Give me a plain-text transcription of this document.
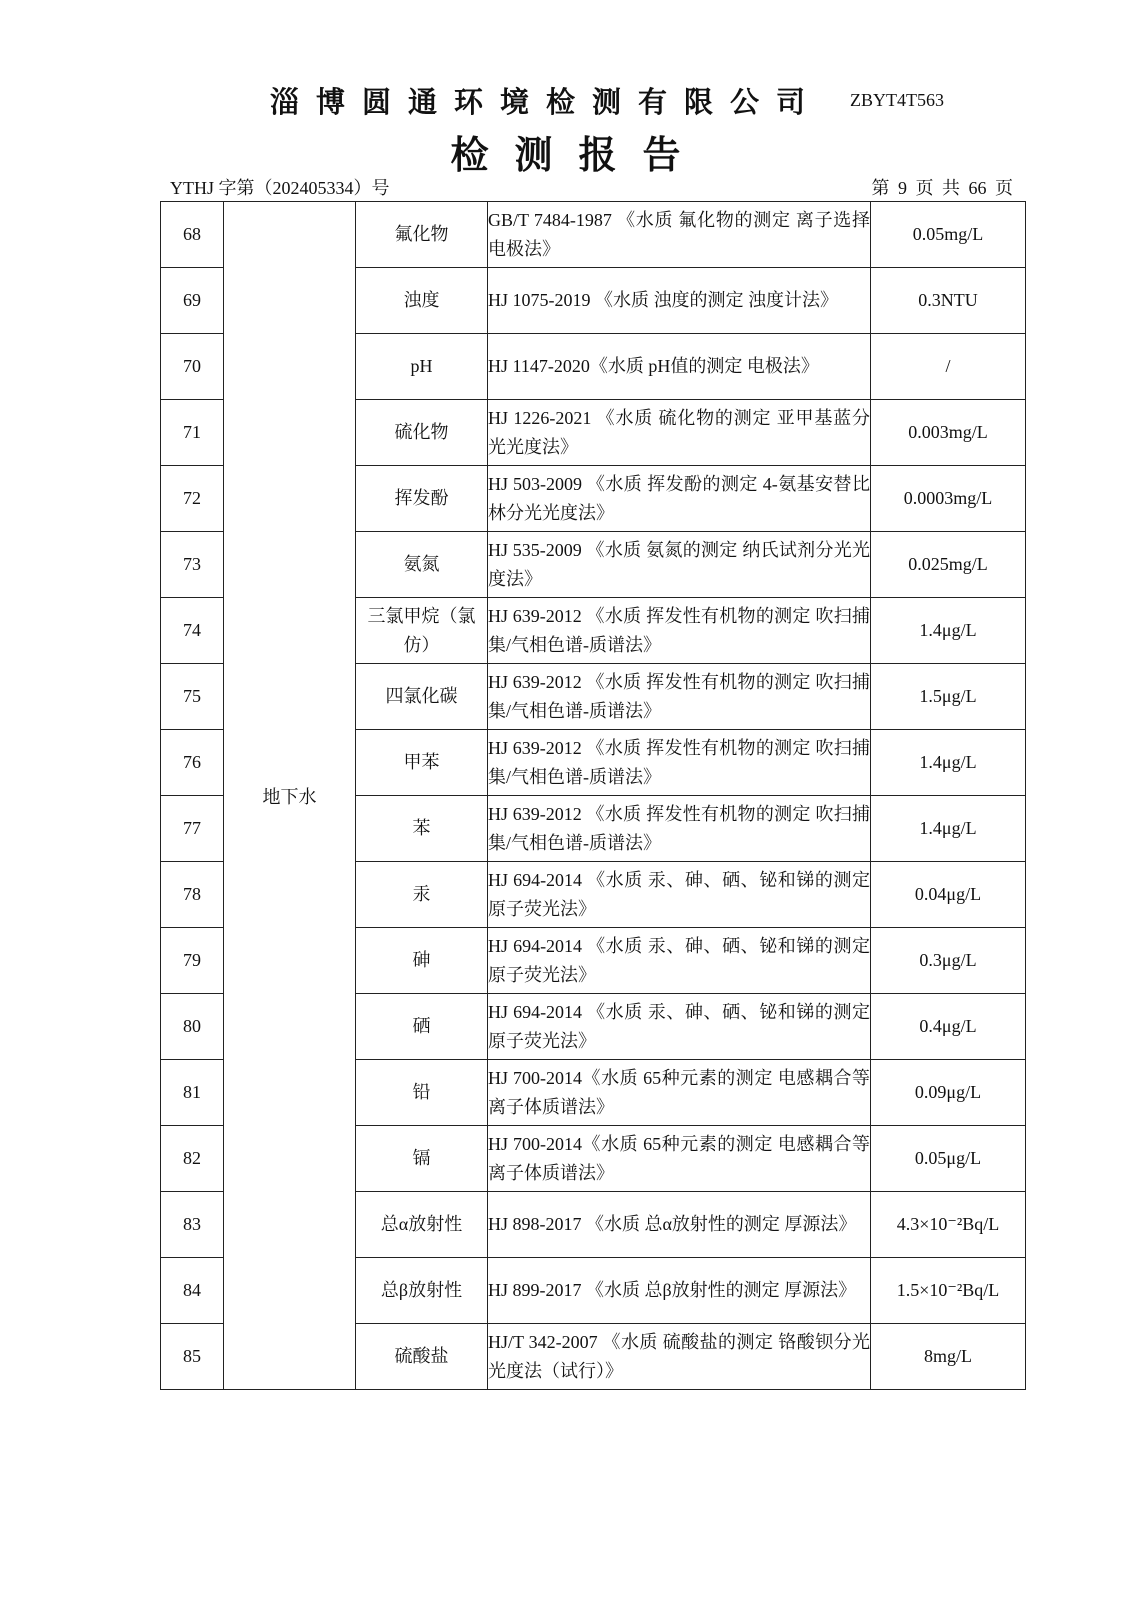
淄博圆通环境检测有限公司 ZBYT4T563
检测报告
YTHJ 字第（202405334）号	第 9 页 共 66 页
68	地下水	氟化物	GB/T 7484-1987 《水质 氟化物的测定 离子选择电极法》	0.05mg/L
69		浊度	HJ 1075-2019 《水质 浊度的测定 浊度计法》	0.3NTU
70		pH	HJ 1147-2020《水质 pH值的测定 电极法》	/
71		硫化物	HJ 1226-2021 《水质 硫化物的测定 亚甲基蓝分光光度法》	0.003mg/L
72		挥发酚	HJ 503-2009 《水质 挥发酚的测定 4-氨基安替比林分光光度法》	0.0003mg/L
73		氨氮	HJ 535-2009 《水质 氨氮的测定 纳氏试剂分光光度法》	0.025mg/L
74		三氯甲烷（氯仿）	HJ 639-2012 《水质 挥发性有机物的测定 吹扫捕集/气相色谱-质谱法》	1.4μg/L
75		四氯化碳	HJ 639-2012 《水质 挥发性有机物的测定 吹扫捕集/气相色谱-质谱法》	1.5μg/L
76		甲苯	HJ 639-2012 《水质 挥发性有机物的测定 吹扫捕集/气相色谱-质谱法》	1.4μg/L
77		苯	HJ 639-2012 《水质 挥发性有机物的测定 吹扫捕集/气相色谱-质谱法》	1.4μg/L
78		汞	HJ 694-2014 《水质 汞、砷、硒、铋和锑的测定 原子荧光法》	0.04μg/L
79		砷	HJ 694-2014 《水质 汞、砷、硒、铋和锑的测定 原子荧光法》	0.3μg/L
80		硒	HJ 694-2014 《水质 汞、砷、硒、铋和锑的测定 原子荧光法》	0.4μg/L
81		铅	HJ 700-2014《水质 65种元素的测定 电感耦合等离子体质谱法》	0.09μg/L
82		镉	HJ 700-2014《水质 65种元素的测定 电感耦合等离子体质谱法》	0.05μg/L
83		总α放射性	HJ 898-2017 《水质 总α放射性的测定 厚源法》	4.3×10⁻²Bq/L
84		总β放射性	HJ 899-2017 《水质 总β放射性的测定 厚源法》	1.5×10⁻²Bq/L
85		硫酸盐	HJ/T 342-2007 《水质 硫酸盐的测定 铬酸钡分光光度法（试行）》	8mg/L
